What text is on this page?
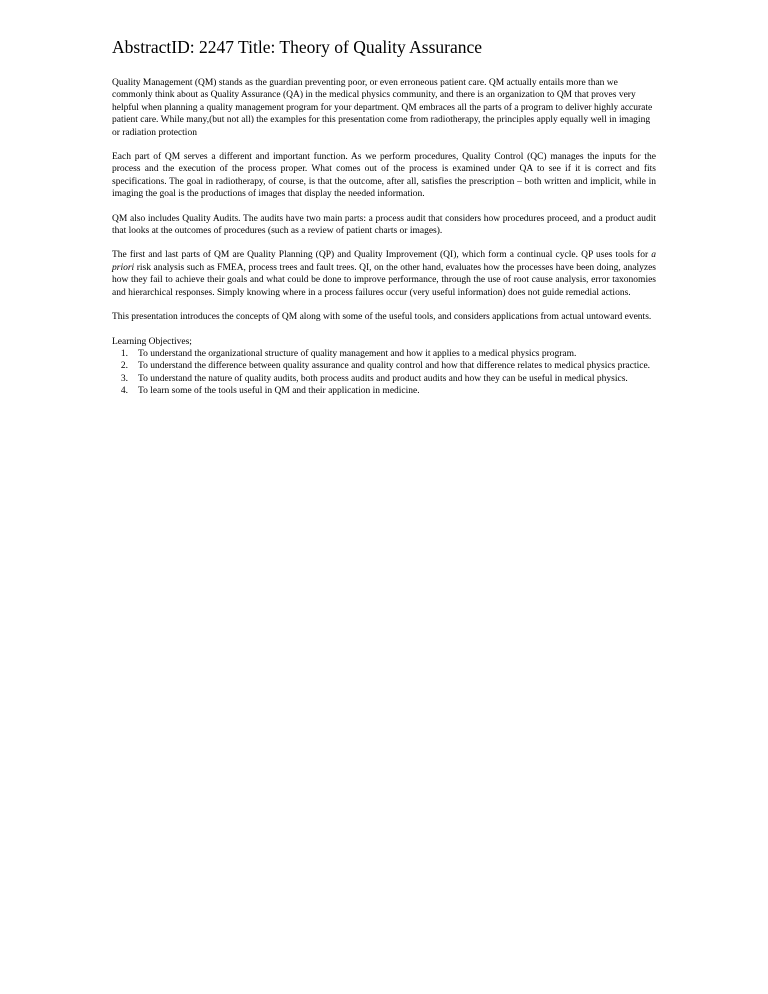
AbstractID: 2247 Title: Theory of Quality Assurance

Quality Management (QM) stands as the guardian preventing poor, or even erroneous patient care. QM actually entails more than we commonly think about as Quality Assurance (QA) in the medical physics community, and there is an organization to QM that proves very helpful when planning a quality management program for your department. QM embraces all the parts of a program to deliver highly accurate patient care. While many,(but not all) the examples for this presentation come from radiotherapy, the principles apply equally well in imaging or radiation protection

Each part of QM serves a different and important function. As we perform procedures, Quality Control (QC) manages the inputs for the process and the execution of the process proper. What comes out of the process is examined under QA to see if it is correct and fits specifications. The goal in radiotherapy, of course, is that the outcome, after all, satisfies the prescription – both written and implicit, while in imaging the goal is the productions of images that display the needed information.

QM also includes Quality Audits. The audits have two main parts: a process audit that considers how procedures proceed, and a product audit that looks at the outcomes of procedures (such as a review of patient charts or images).

The first and last parts of QM are Quality Planning (QP) and Quality Improvement (QI), which form a continual cycle. QP uses tools for a priori risk analysis such as FMEA, process trees and fault trees. QI, on the other hand, evaluates how the processes have been doing, analyzes how they fail to achieve their goals and what could be done to improve performance, through the use of root cause analysis, error taxonomies and hierarchical responses. Simply knowing where in a process failures occur (very useful information) does not guide remedial actions.

This presentation introduces the concepts of QM along with some of the useful tools, and considers applications from actual untoward events.

Learning Objectives;

1.	To understand the organizational structure of quality management and how it applies to a medical physics program.
2.	To understand the difference between quality assurance and quality control and how that difference relates to medical physics practice.
3.	To understand the nature of quality audits, both process audits and product audits and how they can be useful in medical physics.
4.	To learn some of the tools useful in QM and their application in medicine.
